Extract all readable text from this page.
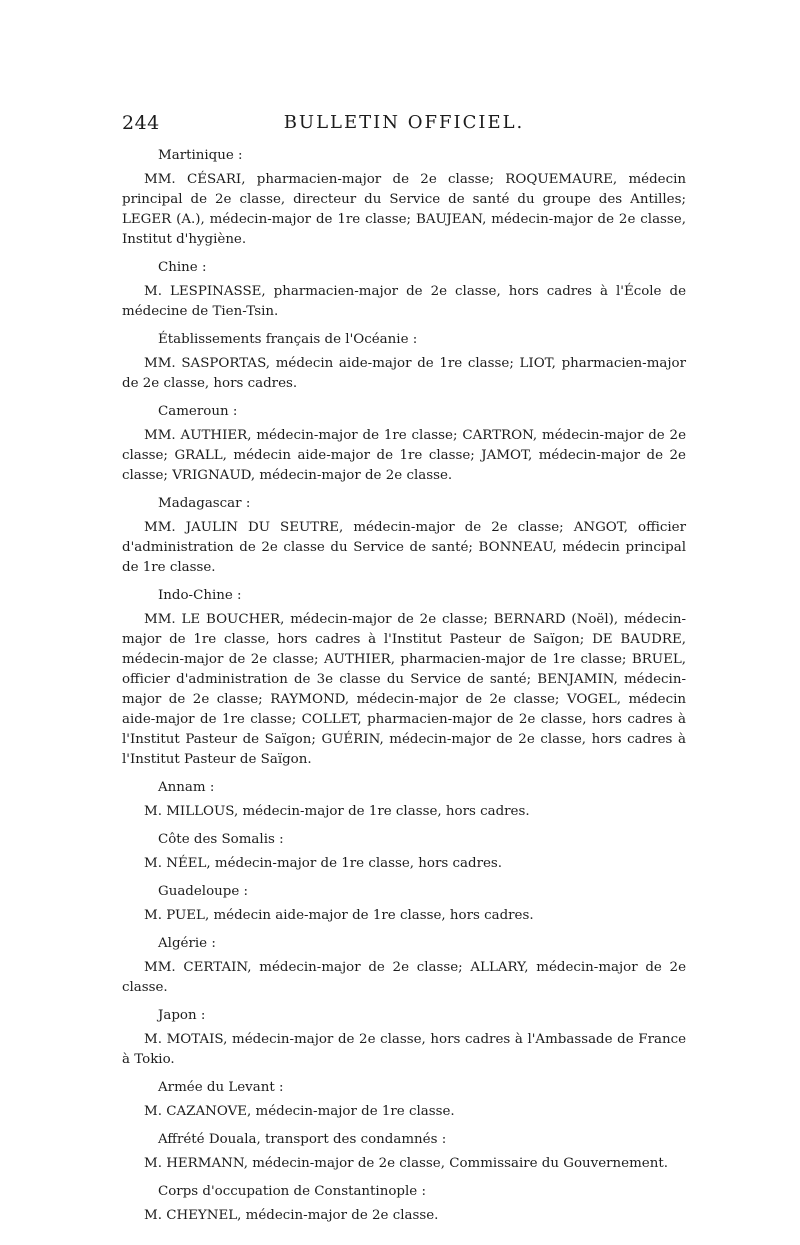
244	BULLETIN OFFICIEL.
Martinique :
MM. CÉSARI, pharmacien-major de 2e classe; ROQUEMAURE, médecin principal de 2e classe, directeur du Service de santé du groupe des Antilles; LEGER (A.), médecin-major de 1re classe; BAUJEAN, médecin-major de 2e classe, Institut d'hygiène.
Chine :
M. LESPINASSE, pharmacien-major de 2e classe, hors cadres à l'École de médecine de Tien-Tsin.
Établissements français de l'Océanie :
MM. SASPORTAS, médecin aide-major de 1re classe; LIOT, pharmacien-major de 2e classe, hors cadres.
Cameroun :
MM. AUTHIER, médecin-major de 1re classe; CARTRON, médecin-major de 2e classe; GRALL, médecin aide-major de 1re classe; JAMOT, médecin-major de 2e classe; VRIGNAUD, médecin-major de 2e classe.
Madagascar :
MM. JAULIN DU SEUTRE, médecin-major de 2e classe; ANGOT, officier d'administration de 2e classe du Service de santé; BONNEAU, médecin principal de 1re classe.
Indo-Chine :
MM. LE BOUCHER, médecin-major de 2e classe; BERNARD (Noël), médecin-major de 1re classe, hors cadres à l'Institut Pasteur de Saïgon; DE BAUDRE, médecin-major de 2e classe; AUTHIER, pharmacien-major de 1re classe; BRUEL, officier d'administration de 3e classe du Service de santé; BENJAMIN, médecin-major de 2e classe; RAYMOND, médecin-major de 2e classe; VOGEL, médecin aide-major de 1re classe; COLLET, pharmacien-major de 2e classe, hors cadres à l'Institut Pasteur de Saïgon; GUÉRIN, médecin-major de 2e classe, hors cadres à l'Institut Pasteur de Saïgon.
Annam :
M. MILLOUS, médecin-major de 1re classe, hors cadres.
Côte des Somalis :
M. NÉEL, médecin-major de 1re classe, hors cadres.
Guadeloupe :
M. PUEL, médecin aide-major de 1re classe, hors cadres.
Algérie :
MM. CERTAIN, médecin-major de 2e classe; ALLARY, médecin-major de 2e classe.
Japon :
M. MOTAIS, médecin-major de 2e classe, hors cadres à l'Ambassade de France à Tokio.
Armée du Levant :
M. CAZANOVE, médecin-major de 1re classe.
Affrété Douala, transport des condamnés :
M. HERMANN, médecin-major de 2e classe, Commissaire du Gouvernement.
Corps d'occupation de Constantinople :
M. CHEYNEL, médecin-major de 2e classe.
